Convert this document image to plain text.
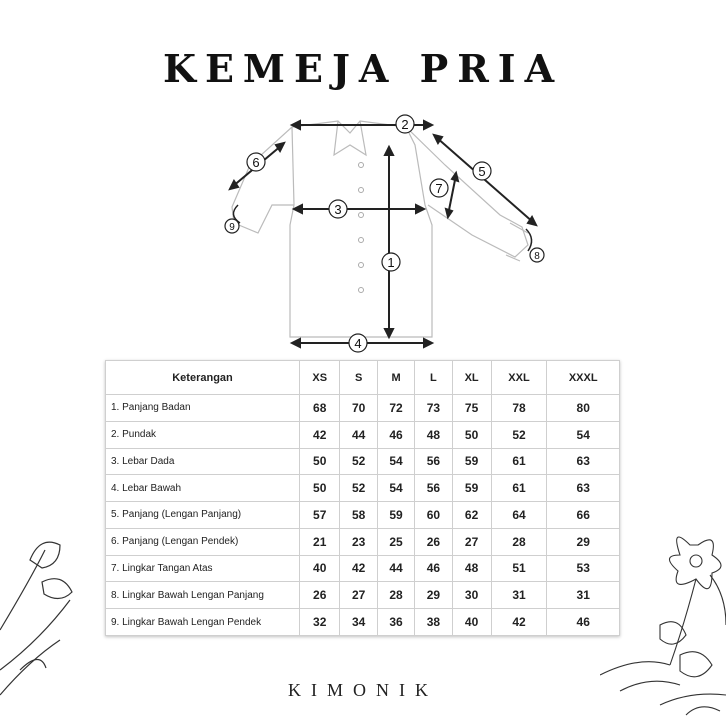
KEMEJA PRIA
2
3
1
4
6
5
7
9
8
Keterangan	XS	S	M	L	XL	XXL	XXXL
1. Panjang Badan	68	70	72	73	75	78	80
2. Pundak	42	44	46	48	50	52	54
3. Lebar Dada	50	52	54	56	59	61	63
4. Lebar Bawah	50	52	54	56	59	61	63
5. Panjang (Lengan Panjang)	57	58	59	60	62	64	66
6. Panjang (Lengan Pendek)	21	23	25	26	27	28	29
7. Lingkar Tangan Atas	40	42	44	46	48	51	53
8. Lingkar Bawah Lengan Panjang	26	27	28	29	30	31	31
9. Lingkar Bawah Lengan Pendek	32	34	36	38	40	42	46
KIMONIK
